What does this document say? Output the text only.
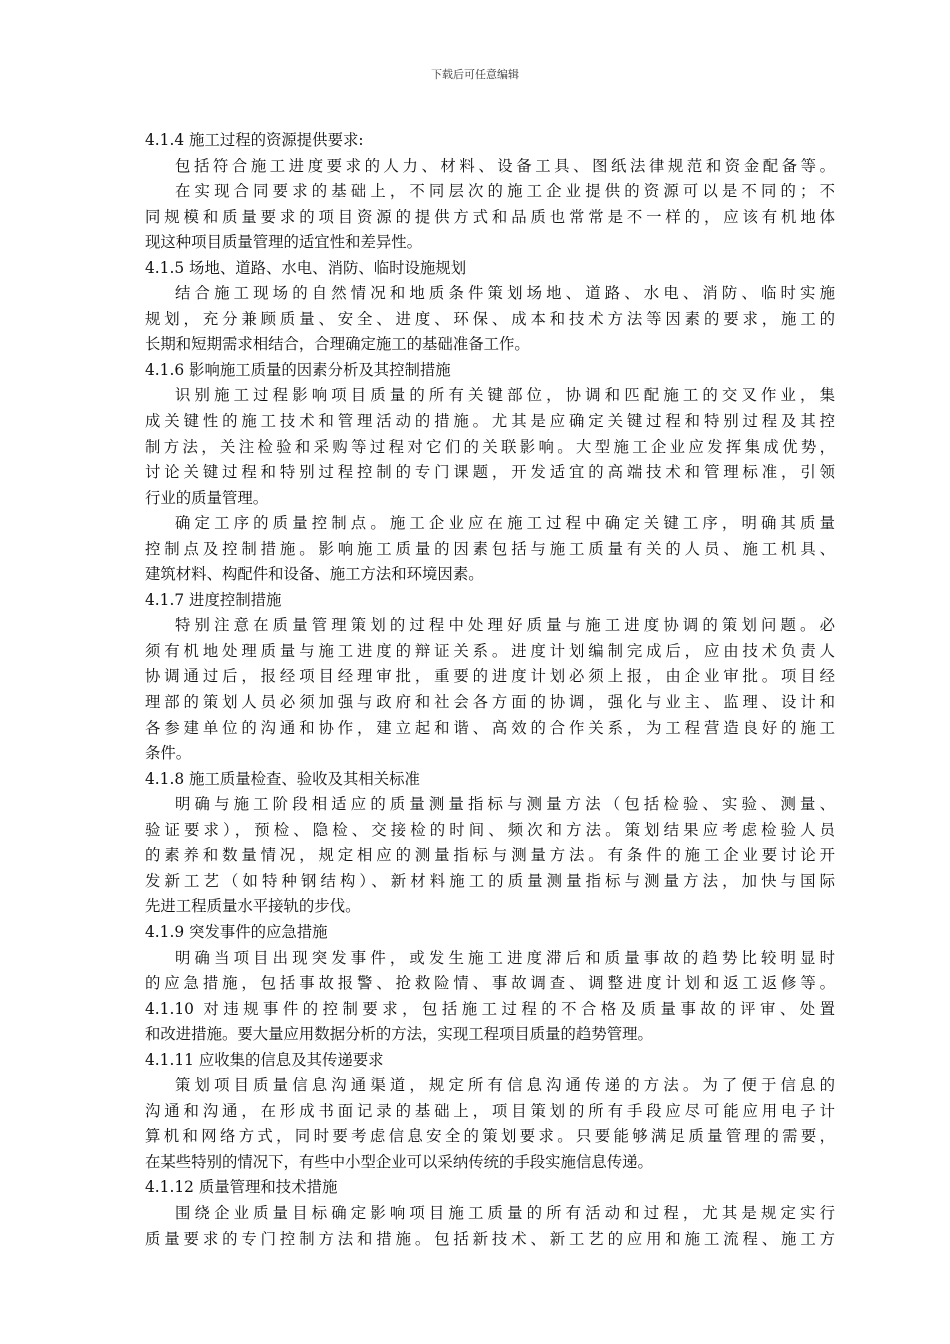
下载后可任意编辑
4.1.4 施工过程的资源提供要求:
包括符合施工进度要求的人力、材料、设备工具、图纸法律规范和资金配备等。
在实现合同要求的基础上，不同层次的施工企业提供的资源可以是不同的；不
同规模和质量要求的项目资源的提供方式和品质也常常是不一样的，应该有机地体
现这种项目质量管理的适宜性和差异性。
4.1.5 场地、道路、水电、消防、临时设施规划
结合施工现场的自然情况和地质条件策划场地、道路、水电、消防、临时实施
规划，充分兼顾质量、安全、进度、环保、成本和技术方法等因素的要求，施工的
长期和短期需求相结合，合理确定施工的基础准备工作。
4.1.6 影响施工质量的因素分析及其控制措施
识别施工过程影响项目质量的所有关键部位，协调和匹配施工的交叉作业，集
成关键性的施工技术和管理活动的措施。尤其是应确定关键过程和特别过程及其控
制方法，关注检验和采购等过程对它们的关联影响。大型施工企业应发挥集成优势，
讨论关键过程和特别过程控制的专门课题，开发适宜的高端技术和管理标准，引领
行业的质量管理。
确定工序的质量控制点。施工企业应在施工过程中确定关键工序，明确其质量
控制点及控制措施。影响施工质量的因素包括与施工质量有关的人员、施工机具、
建筑材料、构配件和设备、施工方法和环境因素。
4.1.7 进度控制措施
特别注意在质量管理策划的过程中处理好质量与施工进度协调的策划问题。必
须有机地处理质量与施工进度的辩证关系。进度计划编制完成后，应由技术负责人
协调通过后，报经项目经理审批，重要的进度计划必须上报，由企业审批。项目经
理部的策划人员必须加强与政府和社会各方面的协调，强化与业主、监理、设计和
各参建单位的沟通和协作，建立起和谐、高效的合作关系，为工程营造良好的施工
条件。
4.1.8 施工质量检查、验收及其相关标准
明确与施工阶段相适应的质量测量指标与测量方法（包括检验、实验、测量、
验证要求），预检、隐检、交接检的时间、频次和方法。策划结果应考虑检验人员
的素养和数量情况，规定相应的测量指标与测量方法。有条件的施工企业要讨论开
发新工艺（如特种钢结构）、新材料施工的质量测量指标与测量方法，加快与国际
先进工程质量水平接轨的步伐。
4.1.9 突发事件的应急措施
明确当项目出现突发事件，或发生施工进度滞后和质量事故的趋势比较明显时
的应急措施，包括事故报警、抢救险情、事故调查、调整进度计划和返工返修等。
4.1.10 对违规事件的控制要求，包括施工过程的不合格及质量事故的评审、处置
和改进措施。要大量应用数据分析的方法，实现工程项目质量的趋势管理。
4.1.11 应收集的信息及其传递要求
策划项目质量信息沟通渠道，规定所有信息沟通传递的方法。为了便于信息的
沟通和沟通，在形成书面记录的基础上，项目策划的所有手段应尽可能应用电子计
算机和网络方式，同时要考虑信息安全的策划要求。只要能够满足质量管理的需要，
在某些特别的情况下，有些中小型企业可以采纳传统的手段实施信息传递。
4.1.12 质量管理和技术措施
围绕企业质量目标确定影响项目施工质量的所有活动和过程，尤其是规定实行
质量要求的专门控制方法和措施。包括新技术、新工艺的应用和施工流程、施工方
